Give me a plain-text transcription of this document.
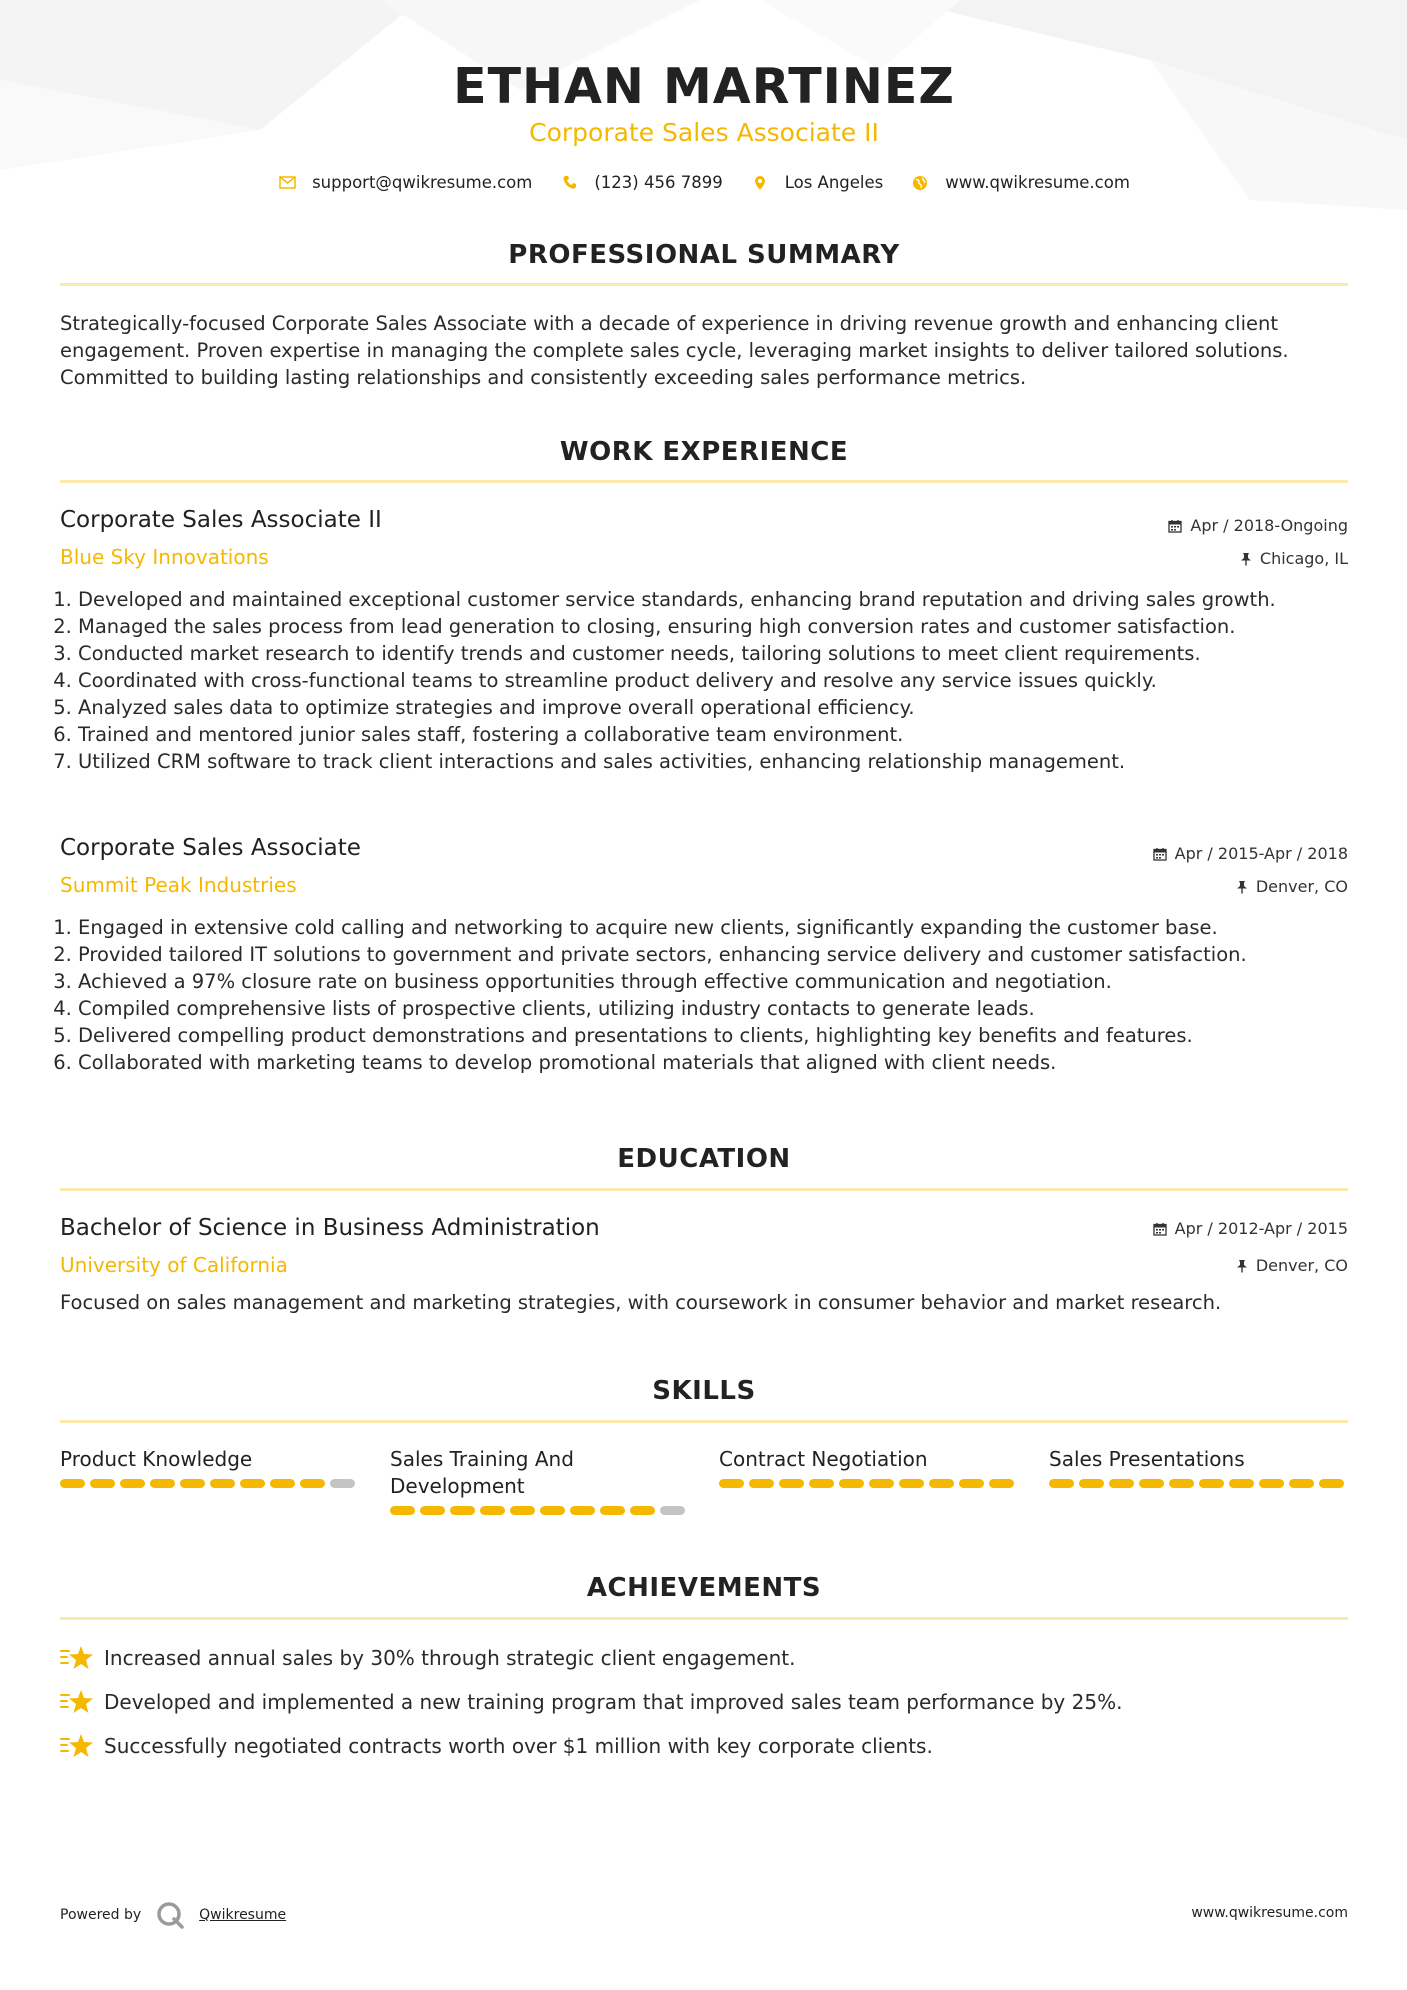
ETHAN MARTINEZ
Corporate Sales Associate II
support@qwikresume.com	(123) 456 7899	Los Angeles	www.qwikresume.com
PROFESSIONAL SUMMARY
Strategically-focused Corporate Sales Associate with a decade of experience in driving revenue growth and enhancing client engagement. Proven expertise in managing the complete sales cycle, leveraging market insights to deliver tailored solutions. Committed to building lasting relationships and consistently exceeding sales performance metrics.
WORK EXPERIENCE
Corporate Sales Associate II
Blue Sky Innovations
Apr / 2018-Ongoing
Chicago, IL
1. Developed and maintained exceptional customer service standards, enhancing brand reputation and driving sales growth.
2. Managed the sales process from lead generation to closing, ensuring high conversion rates and customer satisfaction.
3. Conducted market research to identify trends and customer needs, tailoring solutions to meet client requirements.
4. Coordinated with cross-functional teams to streamline product delivery and resolve any service issues quickly.
5. Analyzed sales data to optimize strategies and improve overall operational efficiency.
6. Trained and mentored junior sales staff, fostering a collaborative team environment.
7. Utilized CRM software to track client interactions and sales activities, enhancing relationship management.
Corporate Sales Associate
Summit Peak Industries
Apr / 2015-Apr / 2018
Denver, CO
1. Engaged in extensive cold calling and networking to acquire new clients, significantly expanding the customer base.
2. Provided tailored IT solutions to government and private sectors, enhancing service delivery and customer satisfaction.
3. Achieved a 97% closure rate on business opportunities through effective communication and negotiation.
4. Compiled comprehensive lists of prospective clients, utilizing industry contacts to generate leads.
5. Delivered compelling product demonstrations and presentations to clients, highlighting key benefits and features.
6. Collaborated with marketing teams to develop promotional materials that aligned with client needs.
EDUCATION
Bachelor of Science in Business Administration
University of California
Apr / 2012-Apr / 2015
Denver, CO
Focused on sales management and marketing strategies, with coursework in consumer behavior and market research.
SKILLS
Product Knowledge	Sales Training And Development
Contract Negotiation	Sales Presentations
ACHIEVEMENTS
Increased annual sales by 30% through strategic client engagement.
Developed and implemented a new training program that improved sales team performance by 25%.
Successfully negotiated contracts worth over $1 million with key corporate clients.
Powered by	Qwikresume	www.qwikresume.com
